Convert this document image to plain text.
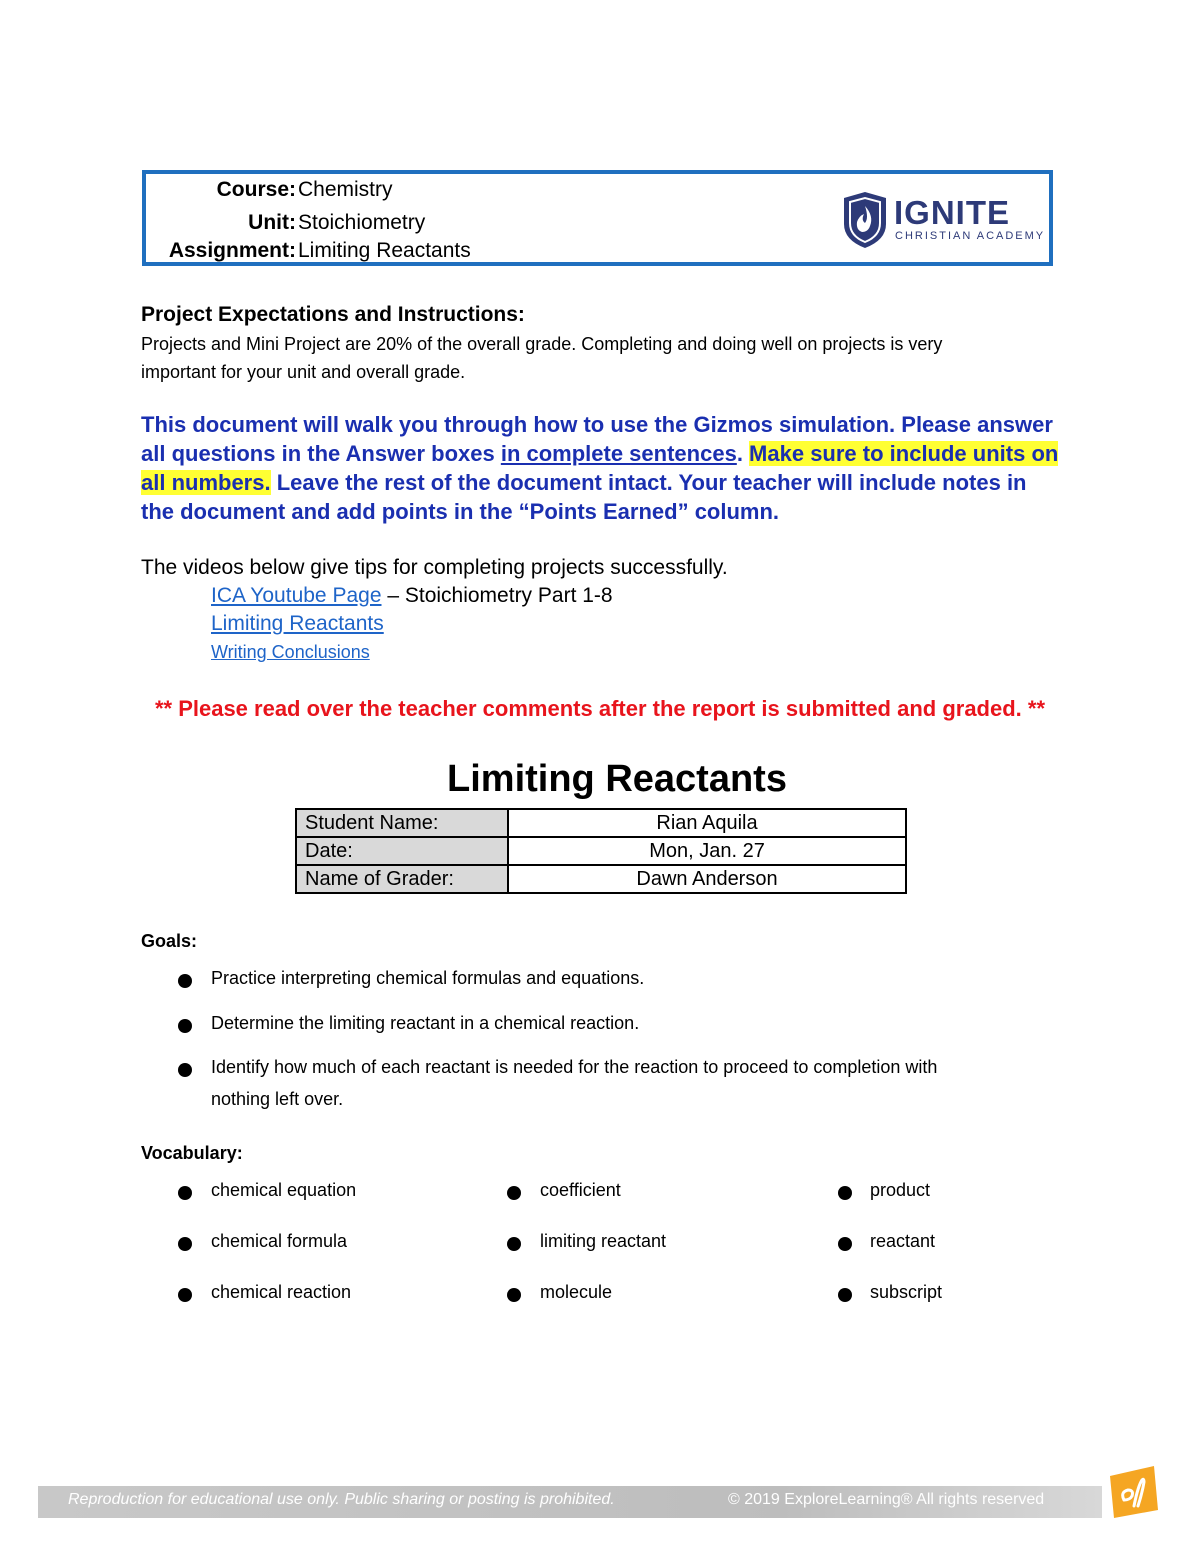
Course: Chemistry
Unit: Stoichiometry
Assignment: Limiting Reactants
IGNITE
CHRISTIAN ACADEMY
Project Expectations and Instructions:
Projects and Mini Project are 20% of the overall grade. Completing and doing well on projects is very
important for your unit and overall grade.
This document will walk you through how to use the Gizmos simulation. Please answer all questions in the Answer boxes in complete sentences. Make sure to include units on all numbers. Leave the rest of the document intact. Your teacher will include notes in the document and add points in the “Points Earned” column.
The videos below give tips for completing projects successfully.
ICA Youtube Page – Stoichiometry Part 1-8
Limiting Reactants
Writing Conclusions
** Please read over the teacher comments after the report is submitted and graded. **
Limiting Reactants
Student Name:	Rian Aquila
Date:	Mon, Jan. 27
Name of Grader:	Dawn Anderson
Goals:
Practice interpreting chemical formulas and equations.
Determine the limiting reactant in a chemical reaction.
Identify how much of each reactant is needed for the reaction to proceed to completion with
nothing left over.
Vocabulary:
chemical equation	coefficient	product
chemical formula	limiting reactant	reactant
chemical reaction	molecule	subscript
Reproduction for educational use only. Public sharing or posting is prohibited.	© 2019 ExploreLearning® All rights reserved
